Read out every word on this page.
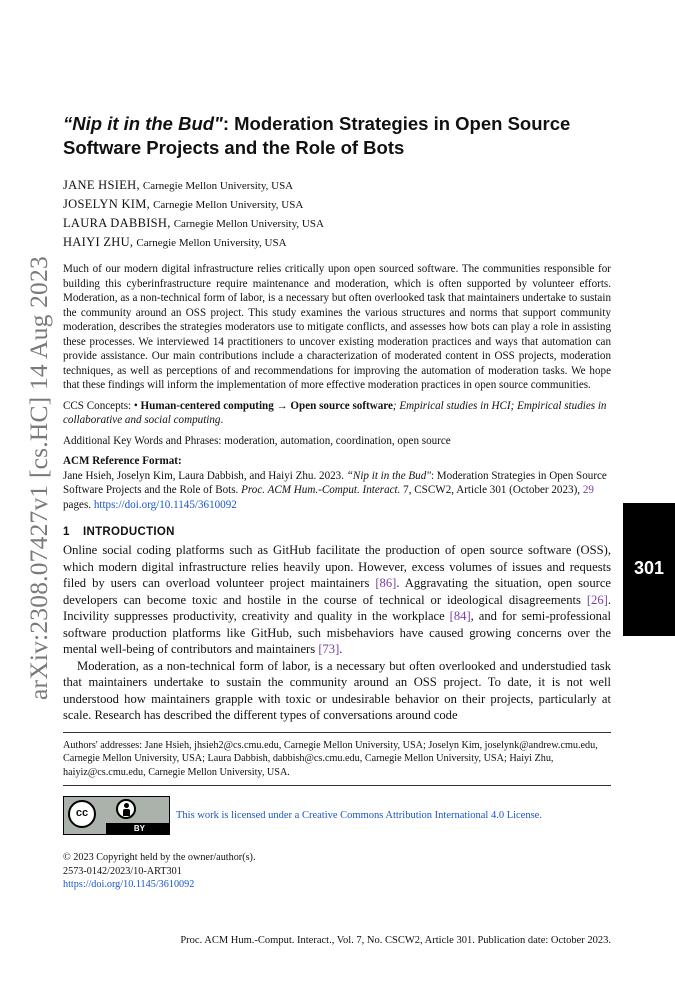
arXiv:2308.07427v1 [cs.HC] 14 Aug 2023	301
“Nip it in the Bud": Moderation Strategies in Open Source
Software Projects and the Role of Bots
JANE HSIEH, Carnegie Mellon University, USA
JOSELYN KIM, Carnegie Mellon University, USA
LAURA DABBISH, Carnegie Mellon University, USA
HAIYI ZHU, Carnegie Mellon University, USA

Much of our modern digital infrastructure relies critically upon open sourced software. The communities responsible for building this cyberinfrastructure require maintenance and moderation, which is often supported by volunteer efforts. Moderation, as a non-technical form of labor, is a necessary but often overlooked task that maintainers undertake to sustain the community around an OSS project. This study examines the various structures and norms that support community moderation, describes the strategies moderators use to mitigate conflicts, and assesses how bots can play a role in assisting these processes. We interviewed 14 practitioners to uncover existing moderation practices and ways that automation can provide assistance. Our main contributions include a characterization of moderated content in OSS projects, moderation techniques, as well as perceptions of and recommendations for improving the automation of moderation tasks. We hope that these findings will inform the implementation of more effective moderation practices in open source communities.

CCS Concepts: • Human-centered computing → Open source software; Empirical studies in HCI; Empirical studies in collaborative and social computing.

Additional Key Words and Phrases: moderation, automation, coordination, open source

ACM Reference Format:

Jane Hsieh, Joselyn Kim, Laura Dabbish, and Haiyi Zhu. 2023. “Nip it in the Bud": Moderation Strategies in Open Source Software Projects and the Role of Bots. Proc. ACM Hum.-Comput. Interact. 7, CSCW2, Article 301 (October 2023), 29 pages. https://doi.org/10.1145/3610092

1 INTRODUCTION

Online social coding platforms such as GitHub facilitate the production of open source software (OSS), which modern digital infrastructure relies heavily upon. However, excess volumes of issues and requests filed by users can overload volunteer project maintainers [86]. Aggravating the situation, open source developers can become toxic and hostile in the course of technical or ideological disagreements [26]. Incivility suppresses productivity, creativity and quality in the workplace [84], and for semi-professional software production platforms like GitHub, such misbehaviors have caused growing concerns over the mental well-being of contributors and maintainers [73].

Moderation, as a non-technical form of labor, is a necessary but often overlooked and understudied task that maintainers undertake to sustain the community around an OSS project. To date, it is not well understood how maintainers grapple with toxic or undesirable behavior on their projects, particularly at scale. Research has described the different types of conversations around code

Authors' addresses: Jane Hsieh, jhsieh2@cs.cmu.edu, Carnegie Mellon University, USA; Joselyn Kim, joselynk@andrew.cmu.edu, Carnegie Mellon University, USA; Laura Dabbish, dabbish@cs.cmu.edu, Carnegie Mellon University, USA; Haiyi Zhu, haiyiz@cs.cmu.edu, Carnegie Mellon University, USA.
cc
BY
This work is licensed under a Creative Commons Attribution International 4.0 License.
© 2023 Copyright held by the owner/author(s).
2573-0142/2023/10-ART301
https://doi.org/10.1145/3610092
Proc. ACM Hum.-Comput. Interact., Vol. 7, No. CSCW2, Article 301. Publication date: October 2023.
